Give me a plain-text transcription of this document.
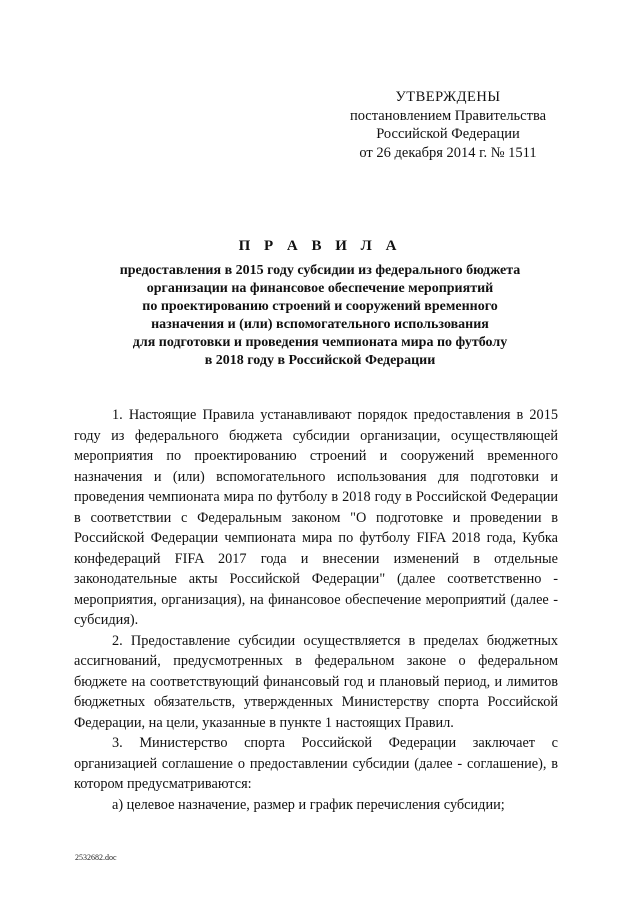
УТВЕРЖДЕНЫ
постановлением Правительства
Российской Федерации
от 26 декабря 2014 г. № 1511
П Р А В И Л А
предоставления в 2015 году субсидии из федерального бюджета
организации на финансовое обеспечение мероприятий
по проектированию строений и сооружений временного
назначения и (или) вспомогательного использования
для подготовки и проведения чемпионата мира по футболу
в 2018 году в Российской Федерации

1. Настоящие Правила устанавливают порядок предоставления в 2015 году из федерального бюджета субсидии организации, осуществляющей мероприятия по проектированию строений и сооружений временного назначения и (или) вспомогательного использования для подготовки и проведения чемпионата мира по футболу в 2018 году в Российской Федерации в соответствии с Федеральным законом "О подготовке и проведении в Российской Федерации чемпионата мира по футболу FIFA 2018 года, Кубка конфедераций FIFA 2017 года и внесении изменений в отдельные законодательные акты Российской Федерации" (далее соответственно - мероприятия, организация), на финансовое обеспечение мероприятий (далее - субсидия).

2. Предоставление субсидии осуществляется в пределах бюджетных ассигнований, предусмотренных в федеральном законе о федеральном бюджете на соответствующий финансовый год и плановый период, и лимитов бюджетных обязательств, утвержденных Министерству спорта Российской Федерации, на цели, указанные в пункте 1 настоящих Правил.

3. Министерство спорта Российской Федерации заключает с организацией соглашение о предоставлении субсидии (далее - соглашение), в котором предусматриваются:

а) целевое назначение, размер и график перечисления субсидии;

2532682.doc
